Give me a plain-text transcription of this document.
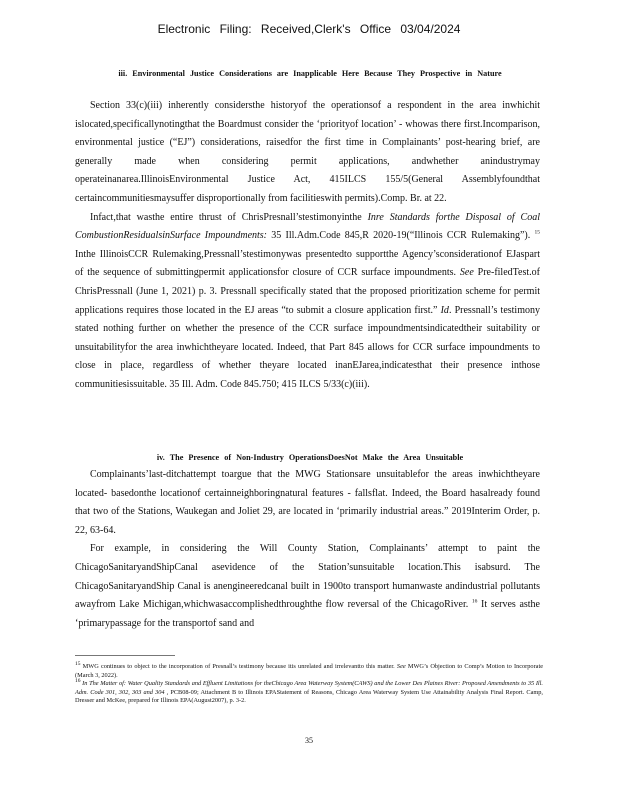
Electronic Filing: Received,Clerk's Office 03/04/2024
iii. Environmental Justice Considerations are Inapplicable Here Because They Prospective in Nature

Section 33(c)(iii) inherently considersthe historyof the operationsof a respondent in the area inwhichit islocated,specificallynotingthat the Boardmust consider the ‘priorityof location’ - whowas there first.Incomparison, environmental justice (“EJ”) considerations, raisedfor the first time in Complainants’ post-hearing brief, are generally made when considering permit applications, andwhether anindustrymay operateinanarea.IllinoisEnvironmental Justice Act, 415ILCS 155/5(General Assemblyfoundthat certaincommunitiesmaysuffer disproportionally from facilitieswith permits).Comp. Br. at 22.

Infact,that wasthe entire thrust of ChrisPresnall’stestimonyinthe Inre Standards forthe Disposal of Coal CombustionResidualsinSurface Impoundments: 35 Ill.Adm.Code 845,R 2020-19(“Illinois CCR Rulemaking”). $^{15}$ Inthe IllinoisCCR Rulemaking,Pressnall’stestimonywas presentedto supportthe Agency’sconsiderationof EJaspart of the sequence of submittingpermit applicationsfor closure of CCR surface impoundments. See Pre-filedTest.of ChrisPressnall (June 1, 2021) p. 3. Pressnall specifically stated that the proposed prioritization scheme for permit applications requires those located in the EJ areas “to submit a closure application first.” Id. Pressnall’s testimony stated nothing further on whether the presence of the CCR surface impoundmentsindicatedtheir suitability or unsuitabilityfor the area inwhichtheyare located. Indeed, that Part 845 allows for CCR surface impoundments to close in place, regardless of whether theyare located inanEJarea,indicatesthat their presence inthose communitiesissuitable. 35 Ill. Adm. Code 845.750; 415 ILCS 5/33(c)(iii).

iv. The Presence of Non-Industry OperationsDoesNot Make the Area Unsuitable

Complainants’last-ditchattempt toargue that the MWG Stationsare unsuitablefor the areas inwhichtheyare located- basedonthe locationof certainneighboringnatural features - fallsflat. Indeed, the Board hasalready found that two of the Stations, Waukegan and Joliet 29, are located in ‘primarily industrial areas.” 2019Interim Order, p. 22, 63-64.

For example, in considering the Will County Station, Complainants’ attempt to paint the ChicagoSanitaryandShipCanal asevidence of the Station’sunsuitable location.This isabsurd. The ChicagoSanitaryandShip Canal is anengineeredcanal built in 1900to transport humanwaste andindustrial pollutants awayfrom Lake Michigan,whichwasaccomplishedthroughthe flow reversal of the ChicagoRiver. $^{16}$ It serves asthe ‘primarypassage for the transportof sand and

$^{15}$ MWG continues to object to the incorporation of Presnall’s testimony because itis unrelated and irrelevantto this matter. See MWG’s Objection to Comp’s Motion to Incorporate (March 3, 2022).

$^{16}$ In The Matter of: Water Quality Standards and Effluent Limitations for theChicago Area Waterway System(CAWS) and the Lower Des Plaines River: Proposed Amendments to 35 Ill. Adm. Code 301, 302, 303 and 304 , PCB08-09; Attachment B to Illinois EPAStatement of Reasons, Chicago Area Waterway System Use Attainability Analysis Final Report. Camp, Dresser and McKee, prepared for Illinois EPA(August2007), p. 3-2.

35
